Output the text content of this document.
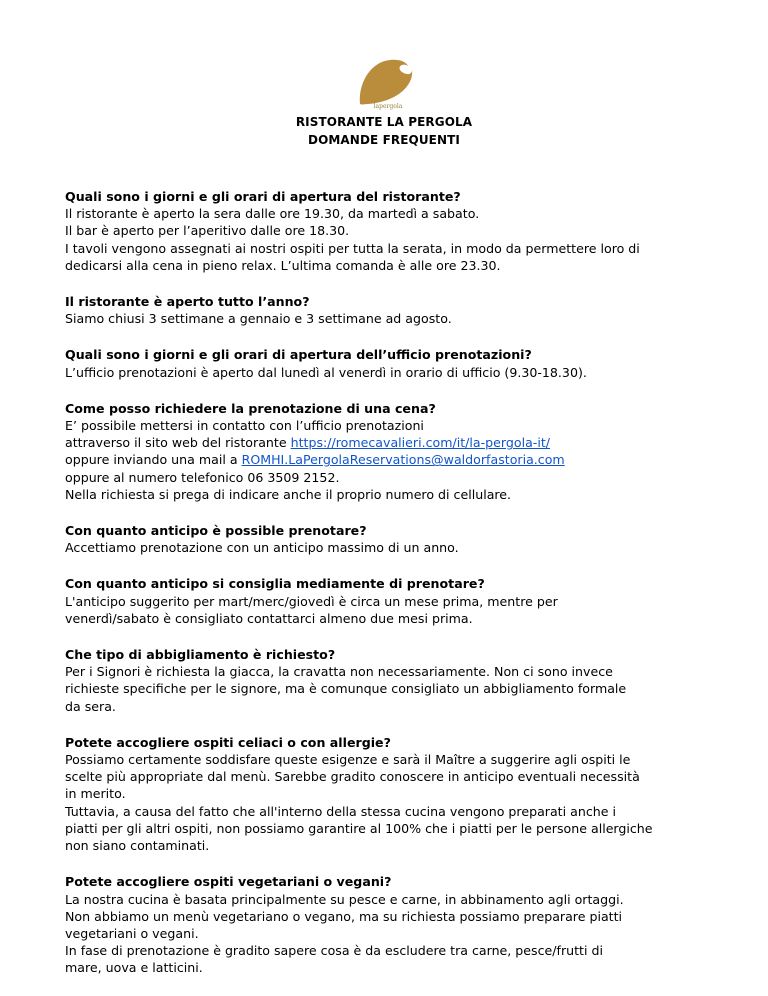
lapergola
RISTORANTE LA PERGOLA
DOMANDE FREQUENTI

Quali sono i giorni e gli orari di apertura del ristorante?

Il ristorante è aperto la sera dalle ore 19.30, da martedì a sabato.

Il bar è aperto per l’aperitivo dalle ore 18.30.

I tavoli vengono assegnati ai nostri ospiti per tutta la serata, in modo da permettere loro di

dedicarsi alla cena in pieno relax. L’ultima comanda è alle ore 23.30.

Il ristorante è aperto tutto l’anno?

Siamo chiusi 3 settimane a gennaio e 3 settimane ad agosto.

Quali sono i giorni e gli orari di apertura dell’ufficio prenotazioni?

L’ufficio prenotazioni è aperto dal lunedì al venerdì in orario di ufficio (9.30-18.30).

Come posso richiedere la prenotazione di una cena?

E’ possibile mettersi in contatto con l’ufficio prenotazioni

attraverso il sito web del ristorante https://romecavalieri.com/it/la-pergola-it/

oppure inviando una mail a ROMHI.LaPergolaReservations@waldorfastoria.com

oppure al numero telefonico 06 3509 2152.

Nella richiesta si prega di indicare anche il proprio numero di cellulare.

Con quanto anticipo è possible prenotare?

Accettiamo prenotazione con un anticipo massimo di un anno.

Con quanto anticipo si consiglia mediamente di prenotare?

L'anticipo suggerito per mart/merc/giovedì è circa un mese prima, mentre per

venerdì/sabato è consigliato contattarci almeno due mesi prima.

Che tipo di abbigliamento è richiesto?

Per i Signori è richiesta la giacca, la cravatta non necessariamente. Non ci sono invece

richieste specifiche per le signore, ma è comunque consigliato un abbigliamento formale

da sera.

Potete accogliere ospiti celiaci o con allergie?

Possiamo certamente soddisfare queste esigenze e sarà il Maître a suggerire agli ospiti le

scelte più appropriate dal menù. Sarebbe gradito conoscere in anticipo eventuali necessità

in merito.

Tuttavia, a causa del fatto che all'interno della stessa cucina vengono preparati anche i

piatti per gli altri ospiti, non possiamo garantire al 100% che i piatti per le persone allergiche

non siano contaminati.

Potete accogliere ospiti vegetariani o vegani?

La nostra cucina è basata principalmente su pesce e carne, in abbinamento agli ortaggi.

Non abbiamo un menù vegetariano o vegano, ma su richiesta possiamo preparare piatti

vegetariani o vegani.

In fase di prenotazione è gradito sapere cosa è da escludere tra carne, pesce/frutti di

mare, uova e latticini.
